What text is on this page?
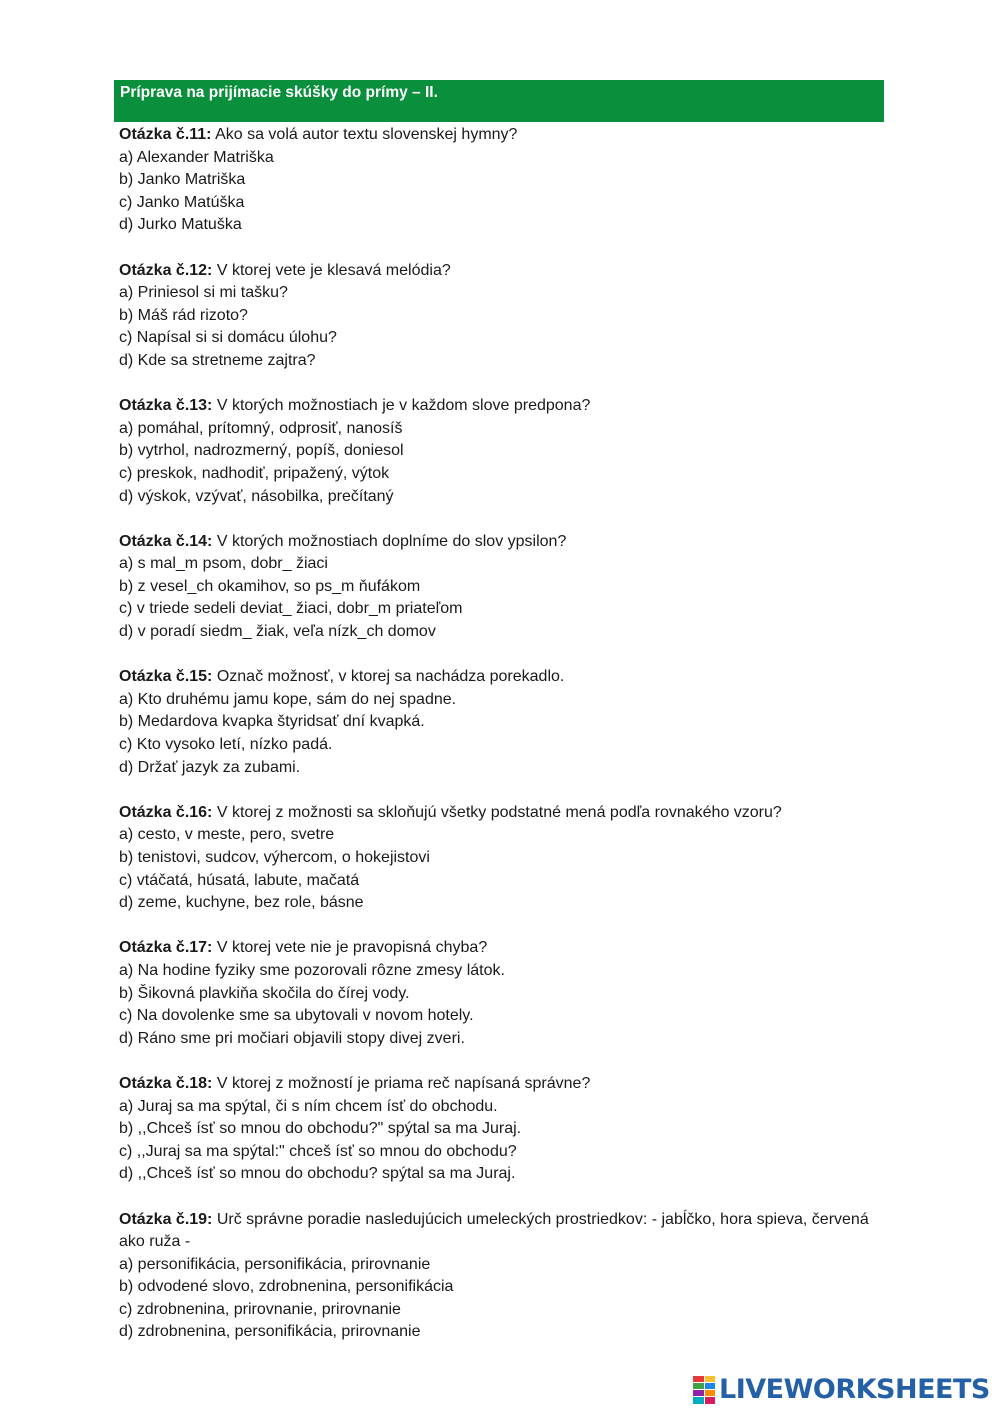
Príprava na prijímacie skúšky do prímy – II.
Otázka č.11: Ako sa volá autor textu slovenskej hymny?
a) Alexander Matriška
b) Janko Matriška
c) Janko Matúška
d) Jurko Matuška
Otázka č.12: V ktorej vete je klesavá melódia?
a) Priniesol si mi tašku?
b) Máš rád rizoto?
c) Napísal si si domácu úlohu?
d) Kde sa stretneme zajtra?
Otázka č.13: V ktorých možnostiach je v každom slove predpona?
a) pomáhal, prítomný, odprosiť, nanosíš
b) vytrhol, nadrozmerný, popíš, doniesol
c) preskok, nadhodiť, pripažený, výtok
d) výskok, vzývať, násobilka, prečítaný
Otázka č.14: V ktorých možnostiach doplníme do slov ypsilon?
a) s mal_m psom, dobr_ žiaci
b) z vesel_ch okamihov, so ps_m ňufákom
c) v triede sedeli deviat_ žiaci, dobr_m priateľom
d) v poradí siedm_ žiak, veľa nízk_ch domov
Otázka č.15: Označ možnosť, v ktorej sa nachádza porekadlo.
a) Kto druhému jamu kope, sám do nej spadne.
b) Medardova kvapka štyridsať dní kvapká.
c) Kto vysoko letí, nízko padá.
d) Držať jazyk za zubami.
Otázka č.16: V ktorej z možnosti sa skloňujú všetky podstatné mená podľa rovnakého vzoru?
a) cesto, v meste, pero, svetre
b) tenistovi, sudcov, výhercom, o hokejistovi
c) vtáčatá, húsatá, labute, mačatá
d) zeme, kuchyne, bez role, básne
Otázka č.17: V ktorej vete nie je pravopisná chyba?
a) Na hodine fyziky sme pozorovali rôzne zmesy látok.
b) Šikovná plavkiňa skočila do čírej vody.
c) Na dovolenke sme sa ubytovali v novom hotely.
d) Ráno sme pri močiari objavili stopy divej zveri.
Otázka č.18: V ktorej z možností je priama reč napísaná správne?
a) Juraj sa ma spýtal, či s ním chcem ísť do obchodu.
b) ,,Chceš ísť so mnou do obchodu?" spýtal sa ma Juraj.
c) ,,Juraj sa ma spýtal:" chceš ísť so mnou do obchodu?
d) ,,Chceš ísť so mnou do obchodu? spýtal sa ma Juraj.
Otázka č.19: Urč správne poradie nasledujúcich umeleckých prostriedkov: - jabĺčko, hora spieva, červená ako ruža -
a) personifikácia, personifikácia, prirovnanie
b) odvodené slovo, zdrobnenina, personifikácia
c) zdrobnenina, prirovnanie, prirovnanie
d) zdrobnenina, personifikácia, prirovnanie
LIVEWORKSHEETS
